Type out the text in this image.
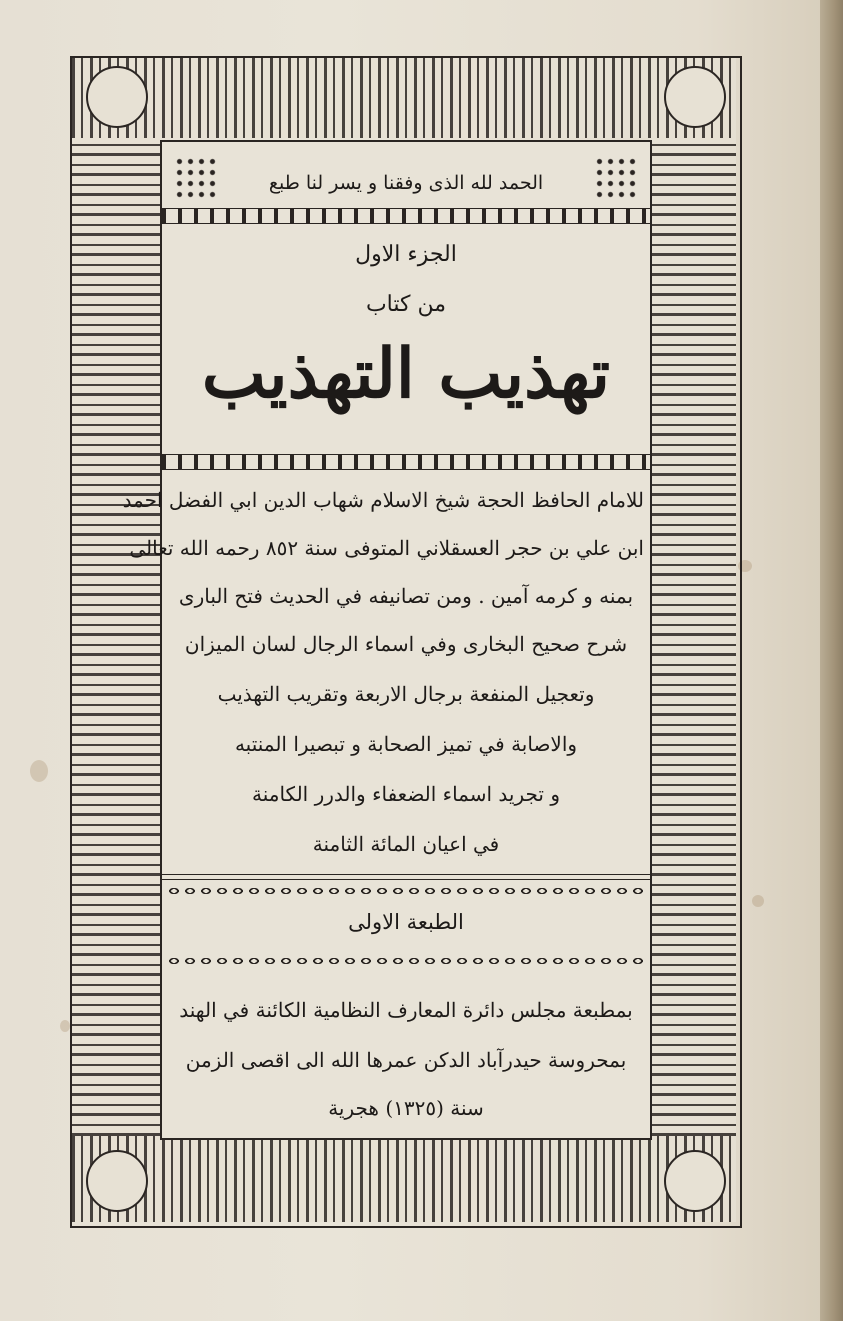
الحمد لله الذى وفقنا و يسر لنا طبع
الجزء الاول
من كتاب
تهذيب التهذيب
للامام الحافظ الحجة شيخ الاسلام شهاب الدين ابي الفضل احمد
ابن علي بن حجر العسقلاني المتوفى سنة ٨٥٢ رحمه الله تعالى
بمنه و كرمه آمين . ومن تصانيفه في الحديث فتح البارى
شرح صحيح البخارى وفي اسماء الرجال لسان الميزان
وتعجيل المنفعة برجال الاربعة وتقريب التهذيب
والاصابة في تميز الصحابة و تبصيرا المنتبه
و تجريد اسماء الضعفاء والدرر الكامنة
في اعيان المائة الثامنة
الطبعة الاولى
بمطبعة مجلس دائرة المعارف النظامية الكائنة في الهند
بمحروسة حيدرآباد الدكن عمرها الله الى اقصى الزمن
سنة (١٣٢٥) هجرية
